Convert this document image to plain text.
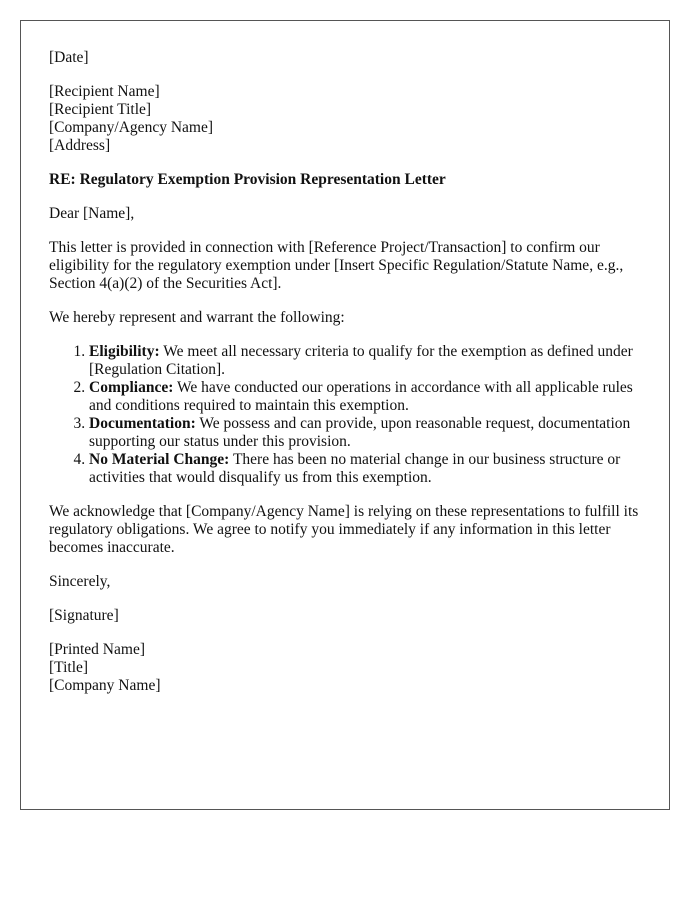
[Date]
[Recipient Name]
[Recipient Title]
[Company/Agency Name]
[Address]
RE: Regulatory Exemption Provision Representation Letter

Dear [Name],

This letter is provided in connection with [Reference Project/Transaction] to confirm our eligibility for the regulatory exemption under [Insert Specific Regulation/Statute Name, e.g., Section 4(a)(2) of the Securities Act].

We hereby represent and warrant the following:

1. Eligibility: We meet all necessary criteria to qualify for the exemption as defined under [Regulation Citation].
2. Compliance: We have conducted our operations in accordance with all applicable rules and conditions required to maintain this exemption.
3. Documentation: We possess and can provide, upon reasonable request, documentation supporting our status under this provision.
4. No Material Change: There has been no material change in our business structure or activities that would disqualify us from this exemption.

We acknowledge that [Company/Agency Name] is relying on these representations to fulfill its regulatory obligations. We agree to notify you immediately if any information in this letter becomes inaccurate.

Sincerely,

[Signature]

[Printed Name]
[Title]
[Company Name]
